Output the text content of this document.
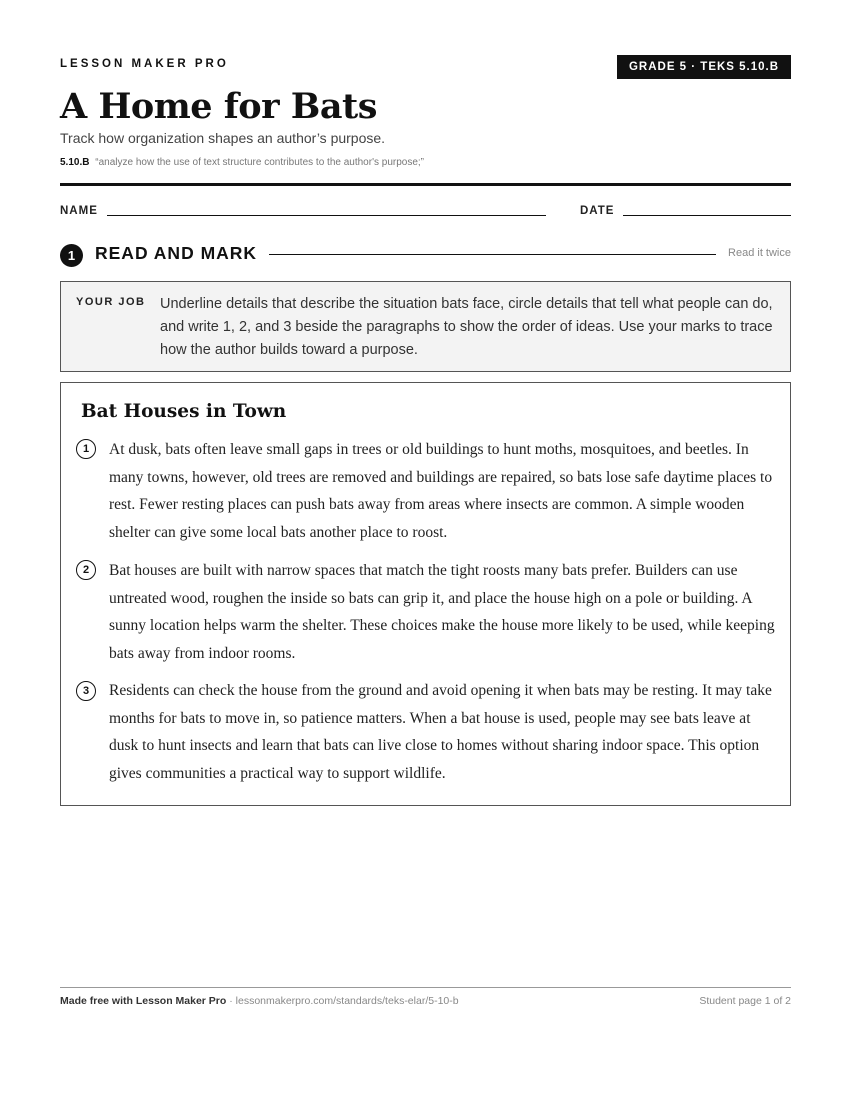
LESSON MAKER PRO	GRADE 5 · TEKS 5.10.B
A Home for Bats
Track how organization shapes an author’s purpose.
5.10.B “analyze how the use of text structure contributes to the author's purpose;”
NAME	DATE
1	READ AND MARK	Read it twice
YOUR JOB Underline details that describe the situation bats face, circle details that tell what people can do, and write 1, 2, and 3 beside the paragraphs to show the order of ideas. Use your marks to trace how the author builds toward a purpose.
Bat Houses in Town
1	At dusk, bats often leave small gaps in trees or old buildings to hunt moths, mosquitoes, and beetles. In many towns, however, old trees are removed and buildings are repaired, so bats lose safe daytime places to rest. Fewer resting places can push bats away from areas where insects are common. A simple wooden shelter can give some local bats another place to roost.
2	Bat houses are built with narrow spaces that match the tight roosts many bats prefer. Builders can use untreated wood, roughen the inside so bats can grip it, and place the house high on a pole or building. A sunny location helps warm the shelter. These choices make the house more likely to be used, while keeping bats away from indoor rooms.
3	Residents can check the house from the ground and avoid opening it when bats may be resting. It may take months for bats to move in, so patience matters. When a bat house is used, people may see bats leave at dusk to hunt insects and learn that bats can live close to homes without sharing indoor space. This option gives communities a practical way to support wildlife.
Made free with Lesson Maker Pro · lessonmakerpro.com/standards/teks-elar/5-10-b	Student page 1 of 2
